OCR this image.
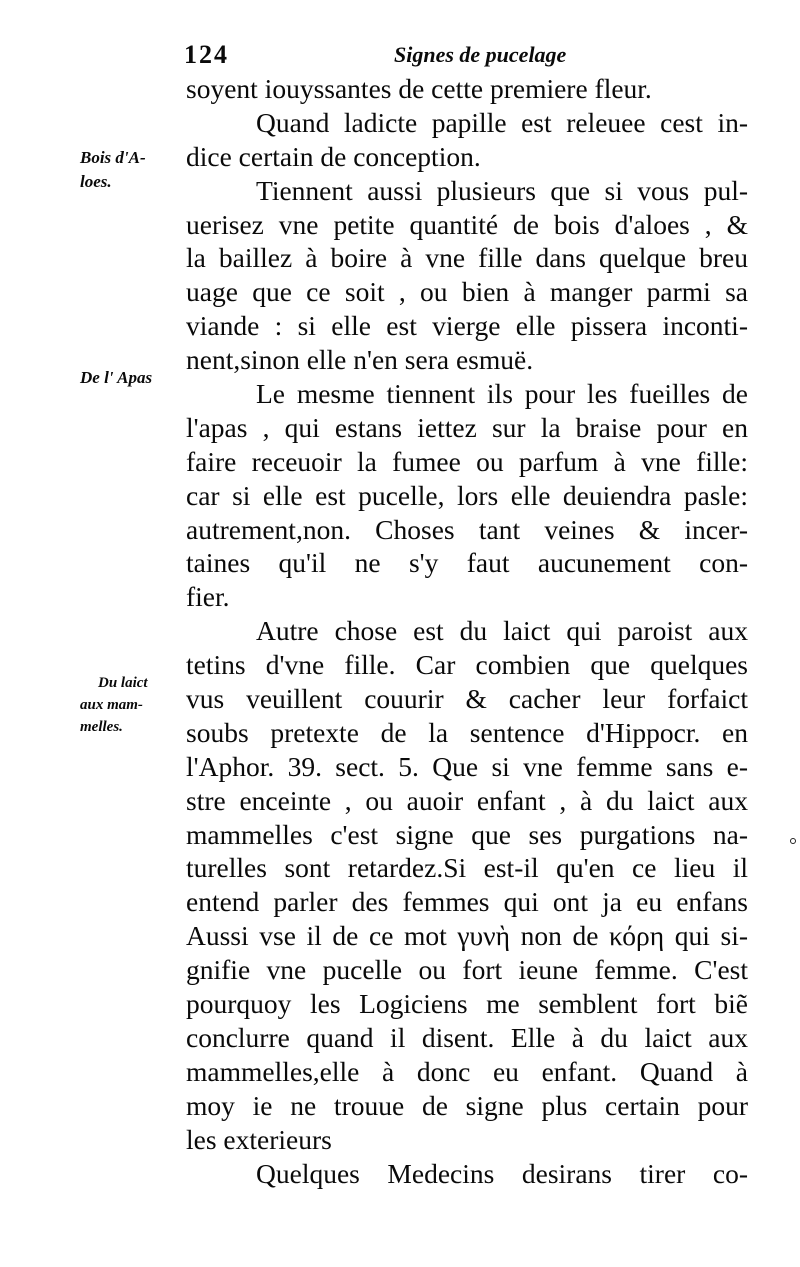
124	Signes de pucelage
Bois d'A-
loes.
De l' Apas
Du laict
aux mam-
melles.
soyent iouyssantes de cette premiere fleur.
Quand ladicte papille est releuee cest in-
dice certain de conception.
Tiennent aussi plusieurs que si vous pul-
uerisez vne petite quantité de bois d'aloes , &
la baillez à boire à vne fille dans quelque breu
uage que ce soit , ou bien à manger parmi sa
viande : si elle est vierge elle pissera inconti-
nent,sinon elle n'en sera esmuë.
Le mesme tiennent ils pour les fueilles de
l'apas , qui estans iettez sur la braise pour en
faire receuoir la fumee ou parfum à vne fille:
car si elle est pucelle, lors elle deuiendra pasle:
autrement,non. Choses tant veines & incer-
taines qu'il ne s'y faut aucunement con-
fier.
Autre chose est du laict qui paroist aux
tetins d'vne fille. Car combien que quelques
vus veuillent couurir & cacher leur forfaict
soubs pretexte de la sentence d'Hippocr. en
l'Aphor. 39. sect. 5. Que si vne femme sans e-
stre enceinte , ou auoir enfant , à du laict aux
mammelles c'est signe que ses purgations na-
turelles sont retardez.Si est-il qu'en ce lieu il
entend parler des femmes qui ont ja eu enfans
Aussi vse il de ce mot γυνὴ non de κόρη qui si-
gnifie vne pucelle ou fort ieune femme. C'est
pourquoy les Logiciens me semblent fort biẽ
conclurre quand il disent. Elle à du laict aux
mammelles,elle à donc eu enfant. Quand à
moy ie ne trouue de signe plus certain pour
les exterieurs
Quelques Medecins desirans tirer co-
